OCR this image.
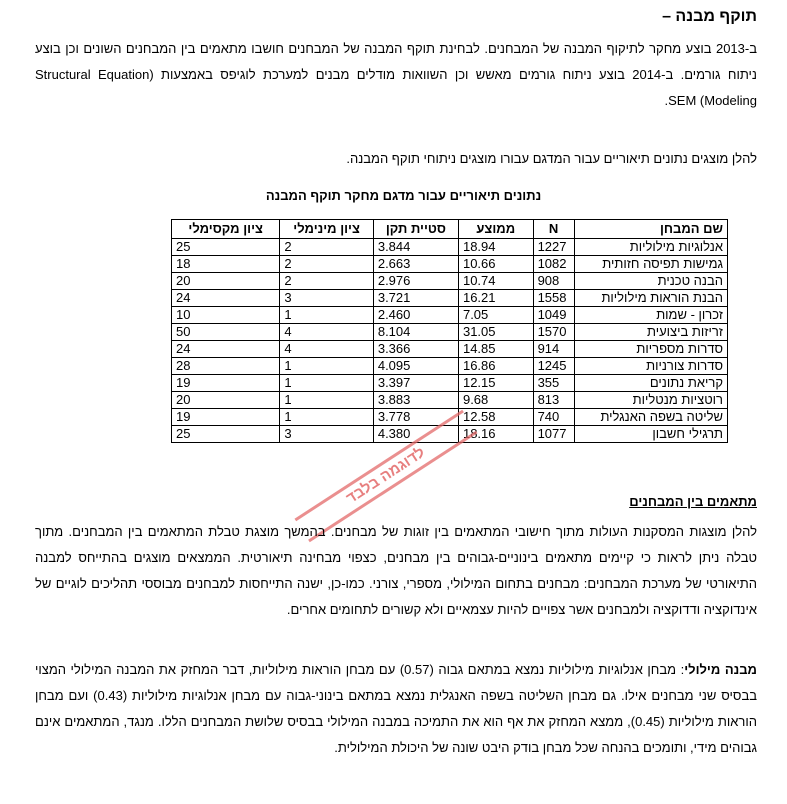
תוקף מבנה –

ב-2013 בוצע מחקר לתיקוף המבנה של המבחנים. לבחינת תוקף המבנה של המבחנים חושבו מתאמים בין המבחנים השונים וכן בוצע ניתוח גורמים. ב-2014 בוצע ניתוח גורמים מאשש וכן השוואות מודלים מבנים למערכת לוגיפס באמצעות (Structural Equation Modeling) SEM.

להלן מוצגים נתונים תיאוריים עבור המדגם עבורו מוצגים ניתוחי תוקף המבנה.

נתונים תיאוריים עבור מדגם מחקר תוקף המבנה
שם המבחן	N	ממוצע	סטיית תקן	ציון מינימלי	ציון מקסימלי
אנלוגיות מילוליות	1227	18.94	3.844	2	25
גמישות תפיסה חזותית	1082	10.66	2.663	2	18
הבנה טכנית	908	10.74	2.976	2	20
הבנת הוראות מילוליות	1558	16.21	3.721	3	24
זכרון - שמות	1049	7.05	2.460	1	10
זריזות ביצועית	1570	31.05	8.104	4	50
סדרות מספריות	914	14.85	3.366	4	24
סדרות צורניות	1245	16.86	4.095	1	28
קריאת נתונים	355	12.15	3.397	1	19
רוטציות מנטליות	813	9.68	3.883	1	20
שליטה בשפה האנגלית	740	12.58	3.778	1	19
תרגילי חשבון	1077	18.16	4.380	3	25
לדוגמה בלבד	מתאמים בין המבחנים

להלן מוצגות המסקנות העולות מתוך חישובי המתאמים בין זוגות של מבחנים. בהמשך מוצגת טבלת המתאמים בין המבחנים. מתוך טבלה ניתן לראות כי קיימים מתאמים בינוניים-גבוהים בין מבחנים, כצפוי מבחינה תיאורטית. הממצאים מוצגים בהתייחס למבנה התיאורטי של מערכת המבחנים: מבחנים בתחום המילולי, מספרי, צורני. כמו-כן, ישנה התייחסות למבחנים מבוססי תהליכים לוגיים של אינדוקציה ודדוקציה ולמבחנים אשר צפויים להיות עצמאיים ולא קשורים לתחומים אחרים.

מבנה מילולי: מבחן אנלוגיות מילוליות נמצא במתאם גבוה (0.57) עם מבחן הוראות מילוליות, דבר המחזק את המבנה המילולי המצוי בבסיס שני מבחנים אילו. גם מבחן השליטה בשפה האנגלית נמצא במתאם בינוני-גבוה עם מבחן אנלוגיות מילוליות (0.43) ועם מבחן הוראות מילוליות (0.45), ממצא המחזק את אף הוא את התמיכה במבנה המילולי בבסיס שלושת המבחנים הללו. מנגד, המתאמים אינם גבוהים מידי, ותומכים בהנחה שכל מבחן בודק היבט שונה של היכולת המילולית.
